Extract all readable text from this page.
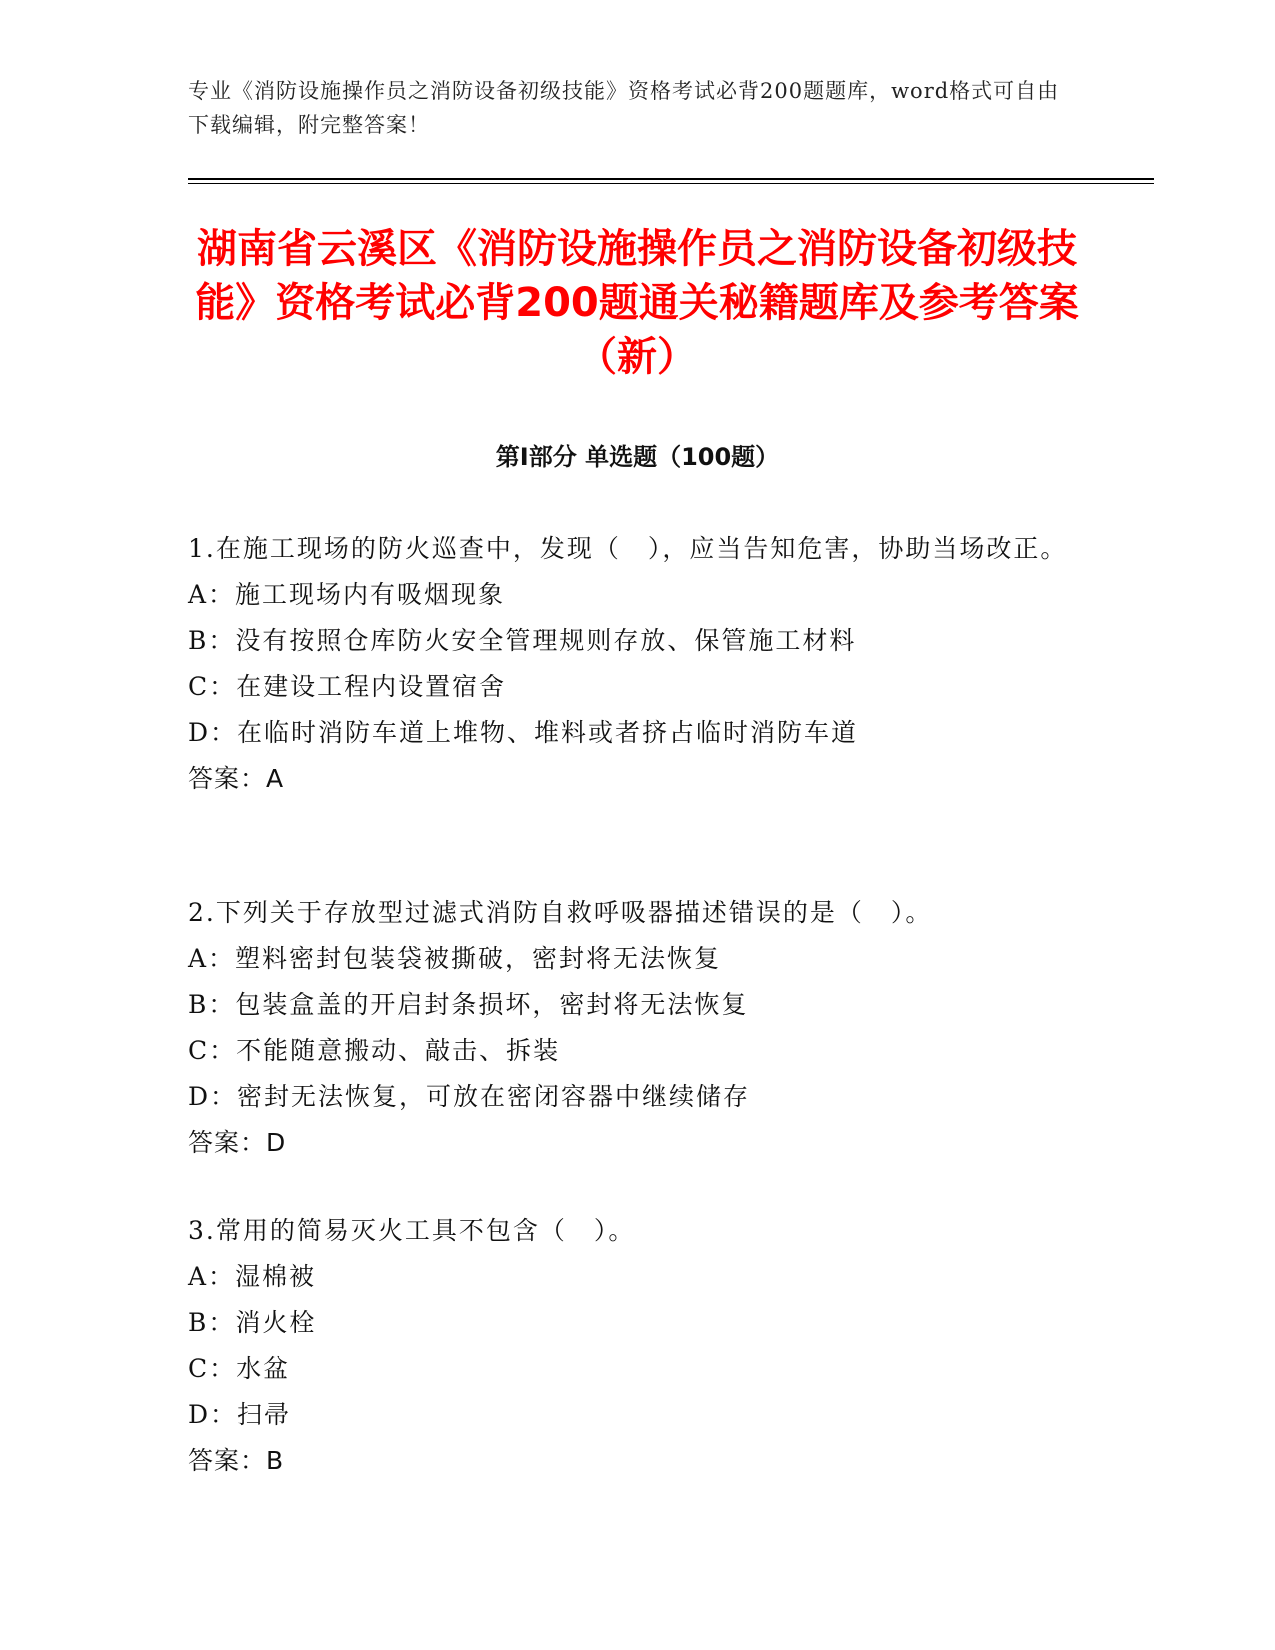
专业《消防设施操作员之消防设备初级技能》资格考试必背200题题库，word格式可自由下载编辑，附完整答案！
湖南省云溪区《消防设施操作员之消防设备初级技能》资格考试必背200题通关秘籍题库及参考答案（新）
第Ⅰ部分 单选题（100题）

1.在施工现场的防火巡查中，发现（　），应当告知危害，协助当场改正。

A：施工现场内有吸烟现象

B：没有按照仓库防火安全管理规则存放、保管施工材料

C：在建设工程内设置宿舍

D：在临时消防车道上堆物、堆料或者挤占临时消防车道

答案：A

2.下列关于存放型过滤式消防自救呼吸器描述错误的是（　）。

A：塑料密封包装袋被撕破，密封将无法恢复

B：包装盒盖的开启封条损坏，密封将无法恢复

C：不能随意搬动、敲击、拆装

D：密封无法恢复，可放在密闭容器中继续储存

答案：D

3.常用的简易灭火工具不包含（　）。

A：湿棉被

B：消火栓

C：水盆

D：扫帚

答案：B
